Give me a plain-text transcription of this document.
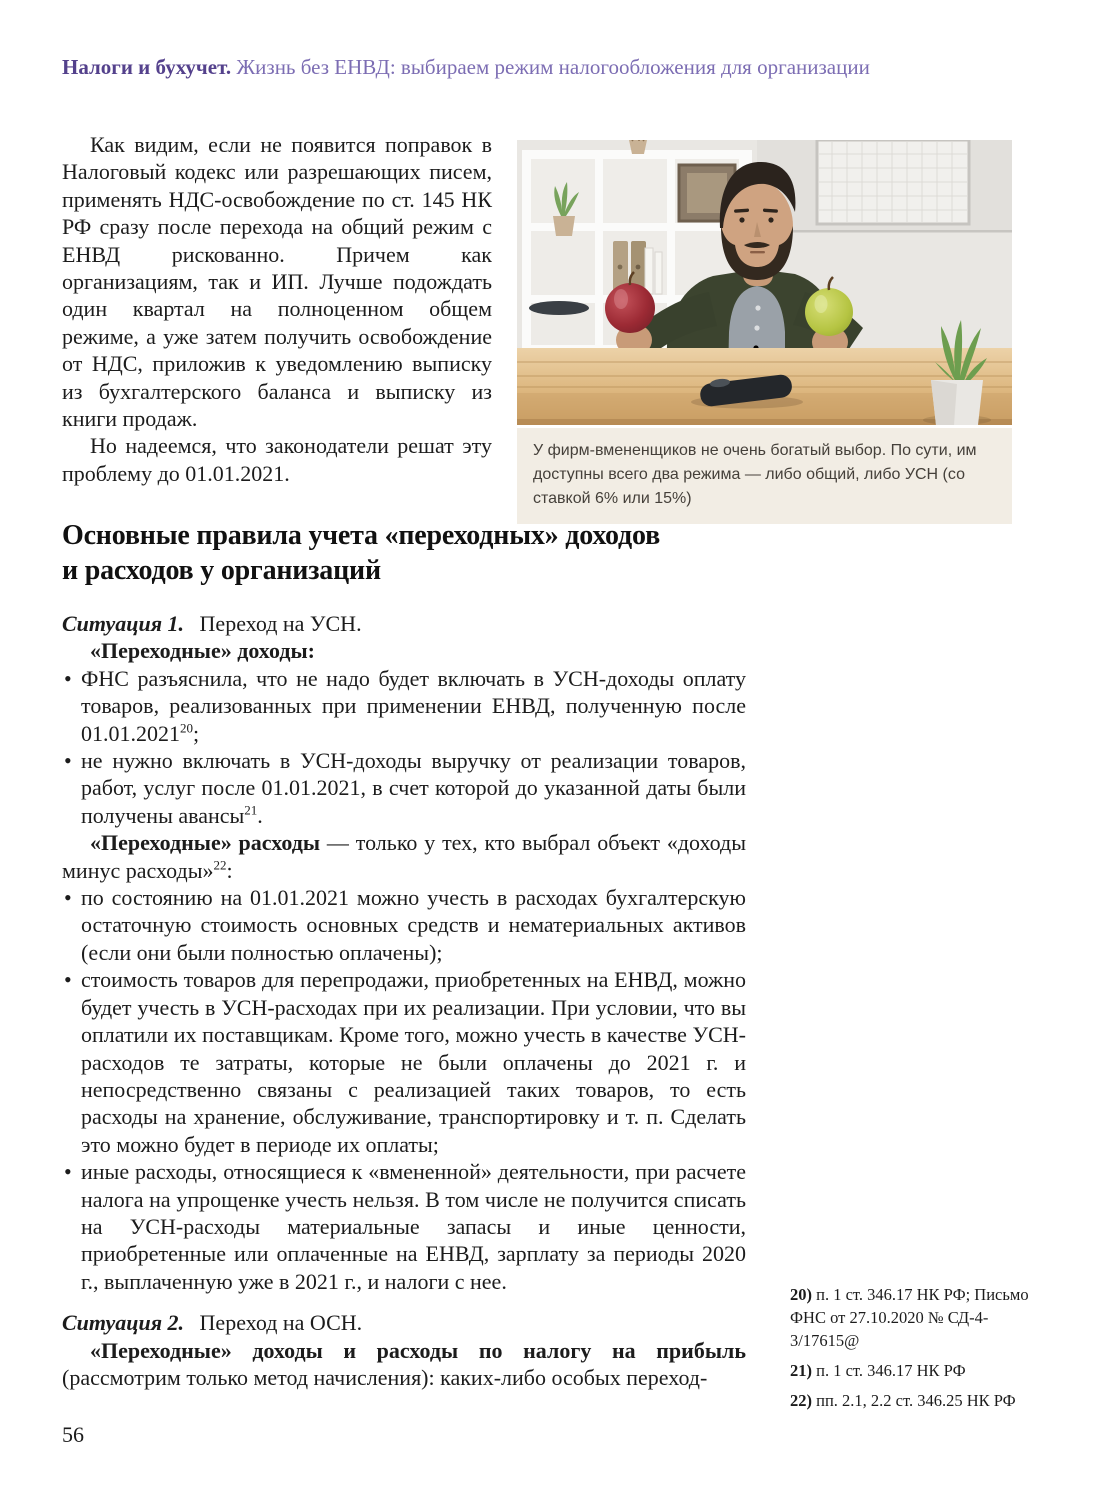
Налоги и бухучет. Жизнь без ЕНВД: выбираем режим налогообложения для организации

Как видим, если не появится поправок в Налоговый кодекс или разрешающих писем, применять НДС-освобождение по ст. 145 НК РФ сразу после перехода на общий режим с ЕНВД рискованно. Причем как организациям, так и ИП. Лучше подождать один квартал на полноценном общем режиме, а уже затем получить освобождение от НДС, приложив к уведомлению выписку из бухгалтерского баланса и выписку из книги продаж.

Но надеемся, что законодатели решат эту проблему до 01.01.2021.

У фирм-вмененщиков не очень богатый выбор. По сути, им доступны всего два режима — либо общий, либо УСН (со ставкой 6% или 15%)
Основные правила учета «переходных» доходов
и расходов у организаций

Ситуация 1. Переход на УСН.

«Переходные» доходы:

• ФНС разъяснила, что не надо будет включать в УСН-доходы оплату товаров, реализованных при применении ЕНВД, полученную после 01.01.2021$^{20}$;
• не нужно включать в УСН-доходы выручку от реализации товаров, работ, услуг после 01.01.2021, в счет которой до указанной даты были получены авансы$^{21}$.

«Переходные» расходы — только у тех, кто выбрал объект «доходы минус расходы»$^{22}$:

• по состоянию на 01.01.2021 можно учесть в расходах бухгалтерскую остаточную стоимость основных средств и нематериальных активов (если они были полностью оплачены);
• стоимость товаров для перепродажи, приобретенных на ЕНВД, можно будет учесть в УСН-расходах при их реализации. При условии, что вы оплатили их поставщикам. Кроме того, можно учесть в качестве УСН-расходов те затраты, которые не были оплачены до 2021 г. и непосредственно связаны с реализацией таких товаров, то есть расходы на хранение, обслуживание, транспортировку и т. п. Сделать это можно будет в периоде их оплаты;
• иные расходы, относящиеся к «вмененной» деятельности, при расчете налога на упрощенке учесть нельзя. В том числе не получится списать на УСН-расходы материальные запасы и иные ценности, приобретенные или оплаченные на ЕНВД, зарплату за периоды 2020 г., выплаченную уже в 2021 г., и налоги с нее.

Ситуация 2. Переход на ОСН.

«Переходные» доходы и расходы по налогу на прибыль (рассмотрим только метод начисления): каких-либо особых переход-

20) п. 1 ст. 346.17 НК РФ; Письмо ФНС от 27.10.2020 № СД-4-3/17615@

21) п. 1 ст. 346.17 НК РФ

22) пп. 2.1, 2.2 ст. 346.25 НК РФ

56
